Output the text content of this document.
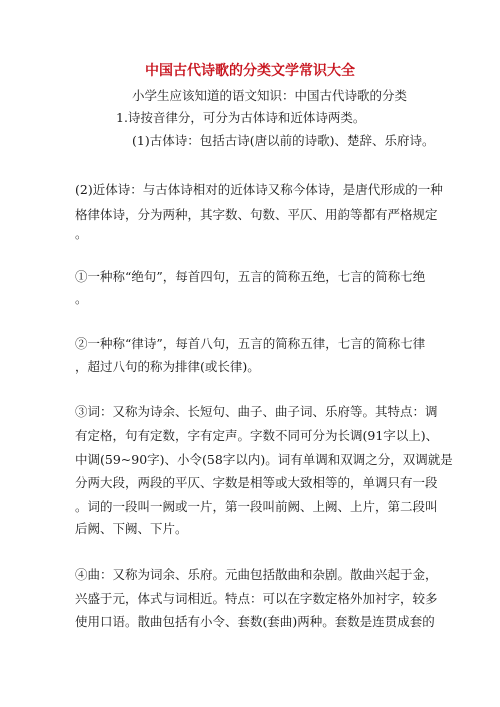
中国古代诗歌的分类文学常识大全
小学生应该知道的语文知识：中国古代诗歌的分类
1.诗按音律分，可分为古体诗和近体诗两类。
(1)古体诗：包括古诗(唐以前的诗歌)、楚辞、乐府诗。
(2)近体诗：与古体诗相对的近体诗又称今体诗，是唐代形成的一种
格律体诗，分为两种，其字数、句数、平仄、用韵等都有严格规定
。
①一种称“绝句”，每首四句，五言的简称五绝，七言的简称七绝
。
②一种称“律诗”，每首八句，五言的简称五律，七言的简称七律
，超过八句的称为排律(或长律)。
③词：又称为诗余、长短句、曲子、曲子词、乐府等。其特点：调
有定格，句有定数，字有定声。字数不同可分为长调(91字以上)、
中调(59~90字)、小令(58字以内)。词有单调和双调之分，双调就是
分两大段，两段的平仄、字数是相等或大致相等的，单调只有一段
。词的一段叫一阙或一片，第一段叫前阙、上阙、上片，第二段叫
后阙、下阙、下片。
④曲：又称为词余、乐府。元曲包括散曲和杂剧。散曲兴起于金，
兴盛于元，体式与词相近。特点：可以在字数定格外加衬字，较多
使用口语。散曲包括有小令、套数(套曲)两种。套数是连贯成套的
